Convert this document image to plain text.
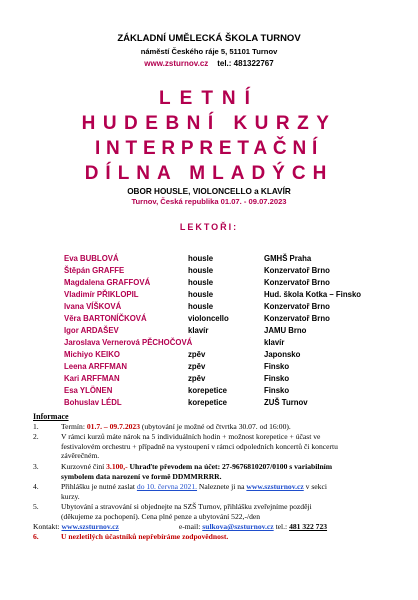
ZÁKLADNÍ UMĚLECKÁ ŠKOLA TURNOV
náměstí Českého ráje 5, 51101 Turnov
www.zsturnov.cz tel.: 481322767
LETNÍ
HUDEBNÍ KURZY
INTERPRETAČNÍ
DÍLNA MLADÝCH
OBOR HOUSLE, VIOLONCELLO a KLAVÍR
Turnov, Česká republika 01.07. - 09.07.2023
LEKTOŘI:
Eva BUBLOVÁ	housle	GMHŠ Praha
Štěpán GRAFFE	housle	Konzervatoř Brno
Magdalena GRAFFOVÁ	housle	Konzervatoř Brno
Vladimír PŘIKLOPIL	housle	Hud. škola Kotka – Finsko
Ivana VÍŠKOVÁ	housle	Konzervatoř Brno
Věra BARTONÍČKOVÁ	violoncello	Konzervatoř Brno
Igor ARDAŠEV	klavír	JAMU Brno
Jaroslava Vernerová PĚCHOČOVÁ	klavír
Michiyo KEIKO	zpěv	Japonsko
Leena ARFFMAN	zpěv	Finsko
Kari ARFFMAN	zpěv	Finsko
Esa YLÖNEN	korepetice	Finsko
Bohuslav LÉDL	korepetice	ZUŠ Turnov
Informace
1.	Termín: 01.7. – 09.7.2023 (ubytování je možné od čtvrtka 30.07. od 16:00).
2.	V rámci kurzů máte nárok na 5 individuálních hodin + možnost korepetice + účast ve
festivalovém orchestru + případně na vystoupení v rámci odpoledních koncertů či koncertu
závěrečném.
3.	Kurzovné činí 3.100,- Uhraďte převodem na účet: 27-9676810207/0100 s variabilním
symbolem data narození ve formě DDMMRRRR.
4.	Přihlášku je nutné zaslat do 10. června 2021. Naleznete ji na www.szsturnov.cz v sekci
kurzy.
5.	Ubytování a stravování si objednejte na SZŠ Turnov, přihlášku zveřejníme později
(děkujeme za pochopení). Cena plné penze a ubytování 522,-/den
Kontakt: www.szsturnov.cz	e-mail: sulkova@szsturnov.cz tel.: 481 322 723
6.	U nezletilých účastníků nepřebíráme zodpovědnost.
